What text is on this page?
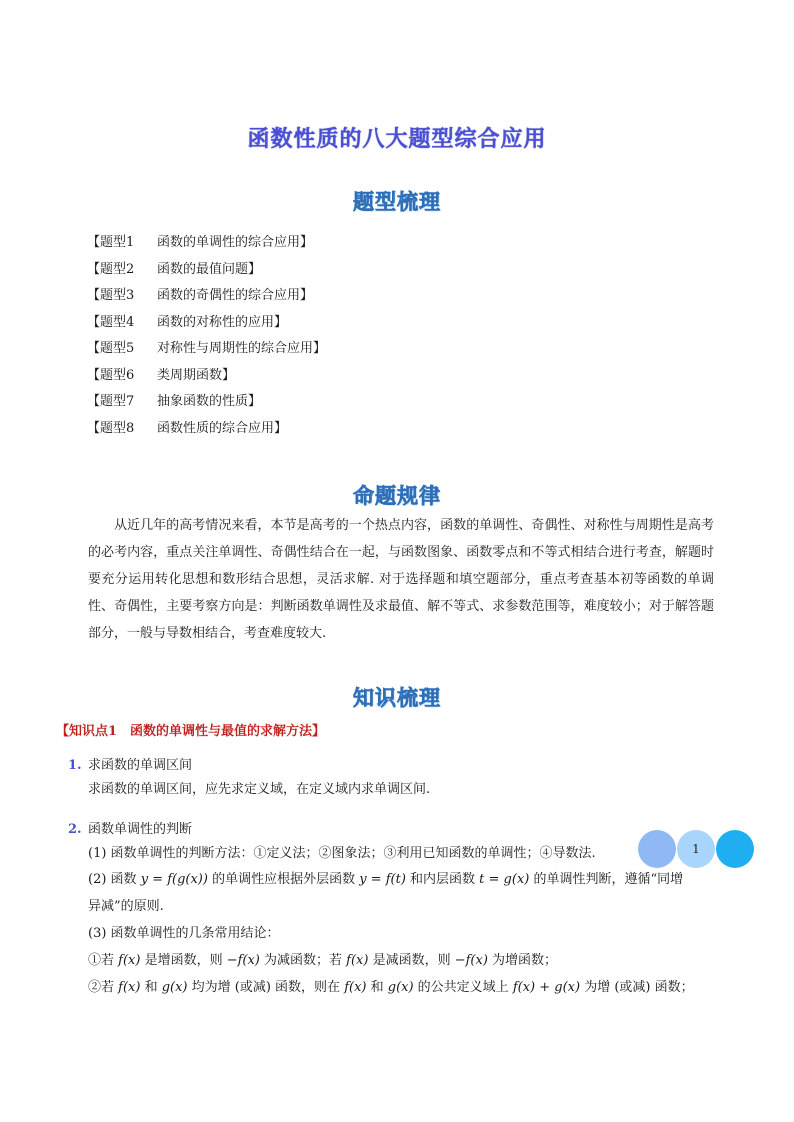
函数性质的八大题型综合应用
题型梳理
【题型1 函数的单调性的综合应用】
【题型2 函数的最值问题】
【题型3 函数的奇偶性的综合应用】
【题型4 函数的对称性的应用】
【题型5 对称性与周期性的综合应用】
【题型6 类周期函数】
【题型7 抽象函数的性质】
【题型8 函数性质的综合应用】
命题规律

从近几年的高考情况来看，本节是高考的一个热点内容，函数的单调性、奇偶性、对称性与周期性是高考的必考内容，重点关注单调性、奇偶性结合在一起，与函数图象、函数零点和不等式相结合进行考查，解题时要充分运用转化思想和数形结合思想，灵活求解. 对于选择题和填空题部分，重点考查基本初等函数的单调性、奇偶性，主要考察方向是：判断函数单调性及求最值、解不等式、求参数范围等，难度较小；对于解答题部分，一般与导数相结合，考查难度较大.

知识梳理
【知识点1　函数的单调性与最值的求解方法】
1. 求函数的单调区间
求函数的单调区间，应先求定义域，在定义域内求单调区间.
2. 函数单调性的判断
(1) 函数单调性的判断方法：①定义法；②图象法；③利用已知函数的单调性；④导数法.
(2) 函数 y = f(g(x)) 的单调性应根据外层函数 y = f(t) 和内层函数 t = g(x) 的单调性判断，遵循“同增
异减”的原则.
(3) 函数单调性的几条常用结论：
①若 f(x) 是增函数，则 −f(x) 为减函数；若 f(x) 是减函数，则 −f(x) 为增函数；
②若 f(x) 和 g(x) 均为增 (或减) 函数，则在 f(x) 和 g(x) 的公共定义域上 f(x) + g(x) 为增 (或减) 函数；
1
